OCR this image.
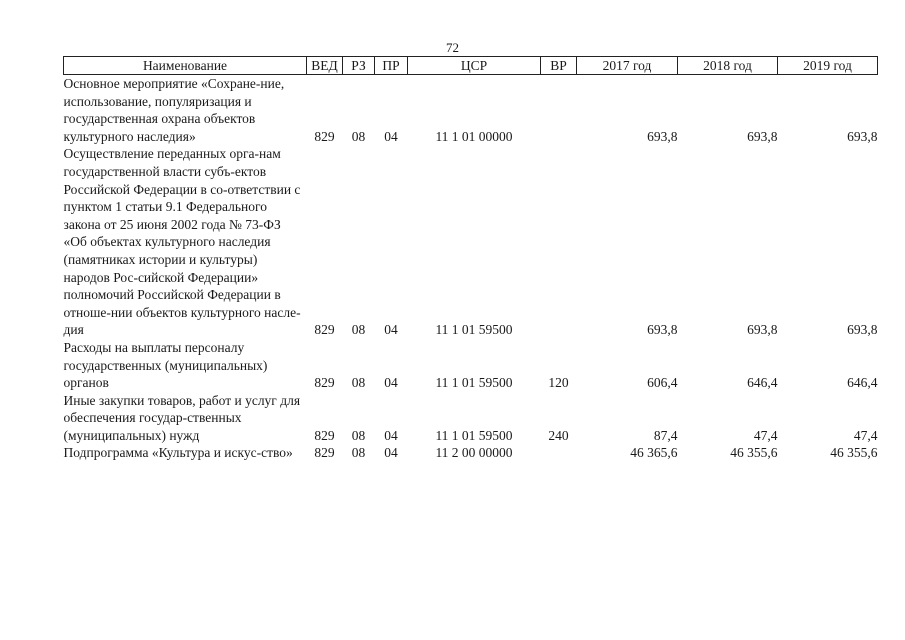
72
Наименование	ВЕД	РЗ	ПР	ЦСР	ВР	2017 год	2018 год	2019 год
Основное мероприятие «Сохране-ние, использование, популяризация и государственная охрана объектов культурного наследия»	829	08	04	11 1 01 00000		693,8	693,8	693,8
Осуществление переданных орга-нам государственной власти субъ-ектов Российской Федерации в со-ответствии с пунктом 1 статьи 9.1 Федерального закона от 25 июня 2002 года № 73-ФЗ «Об объектах культурного наследия (памятниках истории и культуры) народов Рос-сийской Федерации» полномочий Российской Федерации в отноше-нии объектов культурного насле-дия	829	08	04	11 1 01 59500		693,8	693,8	693,8
Расходы на выплаты персоналу государственных (муниципальных) органов	829	08	04	11 1 01 59500	120	606,4	646,4	646,4
Иные закупки товаров, работ и услуг для обеспечения государ-ственных (муниципальных) нужд	829	08	04	11 1 01 59500	240	87,4	47,4	47,4
Подпрограмма «Культура и искус-ство»	829	08	04	11 2 00 00000		46 365,6	46 355,6	46 355,6
